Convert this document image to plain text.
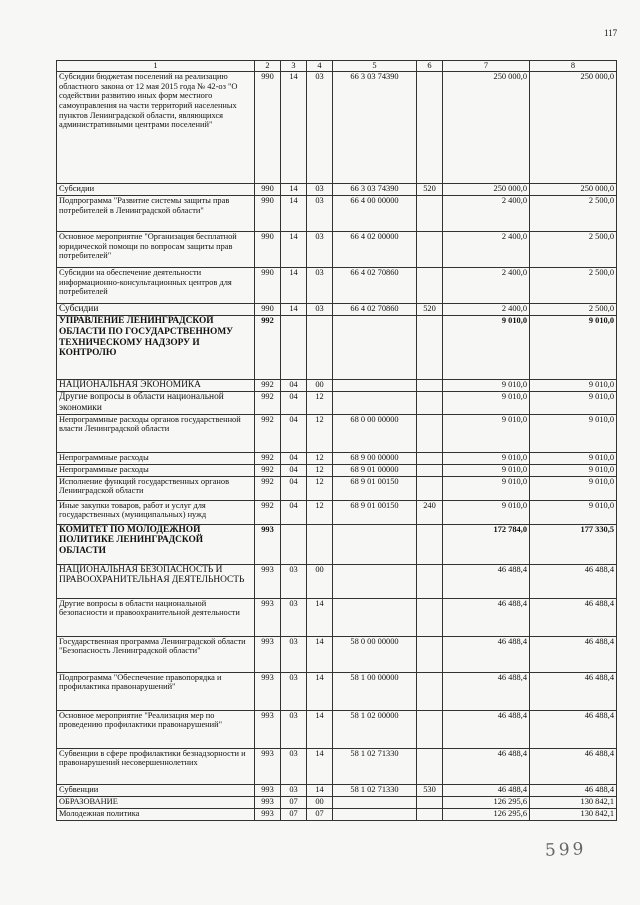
117
1	2	3	4	5	6	7	8
Субсидии бюджетам поселений на реализацию областного закона от 12 мая 2015 года № 42-оз "О содействии развитию иных форм местного самоуправления на части территорий населенных пунктов Ленинградской области, являющихся административными центрами поселений"	990	14	03	66 3 03 74390		250 000,0	250 000,0
Субсидии	990	14	03	66 3 03 74390	520	250 000,0	250 000,0
Подпрограмма "Развитие системы защиты прав потребителей в Ленинградской области"	990	14	03	66 4 00 00000		2 400,0	2 500,0
Основное мероприятие "Организация бесплатной юридической помощи по вопросам защиты прав потребителей"	990	14	03	66 4 02 00000		2 400,0	2 500,0
Субсидии на обеспечение деятельности информационно-консультационных центров для потребителей	990	14	03	66 4 02 70860		2 400,0	2 500,0
Субсидии	990	14	03	66 4 02 70860	520	2 400,0	2 500,0
УПРАВЛЕНИЕ ЛЕНИНГРАДСКОЙ ОБЛАСТИ ПО ГОСУДАРСТВЕННОМУ ТЕХНИЧЕСКОМУ НАДЗОРУ И КОНТРОЛЮ	992					9 010,0	9 010,0
НАЦИОНАЛЬНАЯ ЭКОНОМИКА	992	04	00			9 010,0	9 010,0
Другие вопросы в области национальной экономики	992	04	12			9 010,0	9 010,0
Непрограммные расходы органов государственной власти Ленинградской области	992	04	12	68 0 00 00000		9 010,0	9 010,0
Непрограммные расходы	992	04	12	68 9 00 00000		9 010,0	9 010,0
Непрограммные расходы	992	04	12	68 9 01 00000		9 010,0	9 010,0
Исполнение функций государственных органов Ленинградской области	992	04	12	68 9 01 00150		9 010,0	9 010,0
Иные закупки товаров, работ и услуг для государственных (муниципальных) нужд	992	04	12	68 9 01 00150	240	9 010,0	9 010,0
КОМИТЕТ ПО МОЛОДЕЖНОЙ ПОЛИТИКЕ ЛЕНИНГРАДСКОЙ ОБЛАСТИ	993					172 784,0	177 330,5
НАЦИОНАЛЬНАЯ БЕЗОПАСНОСТЬ И ПРАВООХРАНИТЕЛЬНАЯ ДЕЯТЕЛЬНОСТЬ	993	03	00			46 488,4	46 488,4
Другие вопросы в области национальной безопасности и правоохранительной деятельности	993	03	14			46 488,4	46 488,4
Государственная программа Ленинградской области "Безопасность Ленинградской области"	993	03	14	58 0 00 00000		46 488,4	46 488,4
Подпрограмма "Обеспечение правопорядка и профилактика правонарушений"	993	03	14	58 1 00 00000		46 488,4	46 488,4
Основное мероприятие "Реализация мер по проведению профилактики правонарушений"	993	03	14	58 1 02 00000		46 488,4	46 488,4
Субвенции в сфере профилактики безнадзорности и правонарушений несовершеннолетних	993	03	14	58 1 02 71330		46 488,4	46 488,4
Субвенции	993	03	14	58 1 02 71330	530	46 488,4	46 488,4
ОБРАЗОВАНИЕ	993	07	00			126 295,6	130 842,1
Молодежная политика	993	07	07			126 295,6	130 842,1
599
